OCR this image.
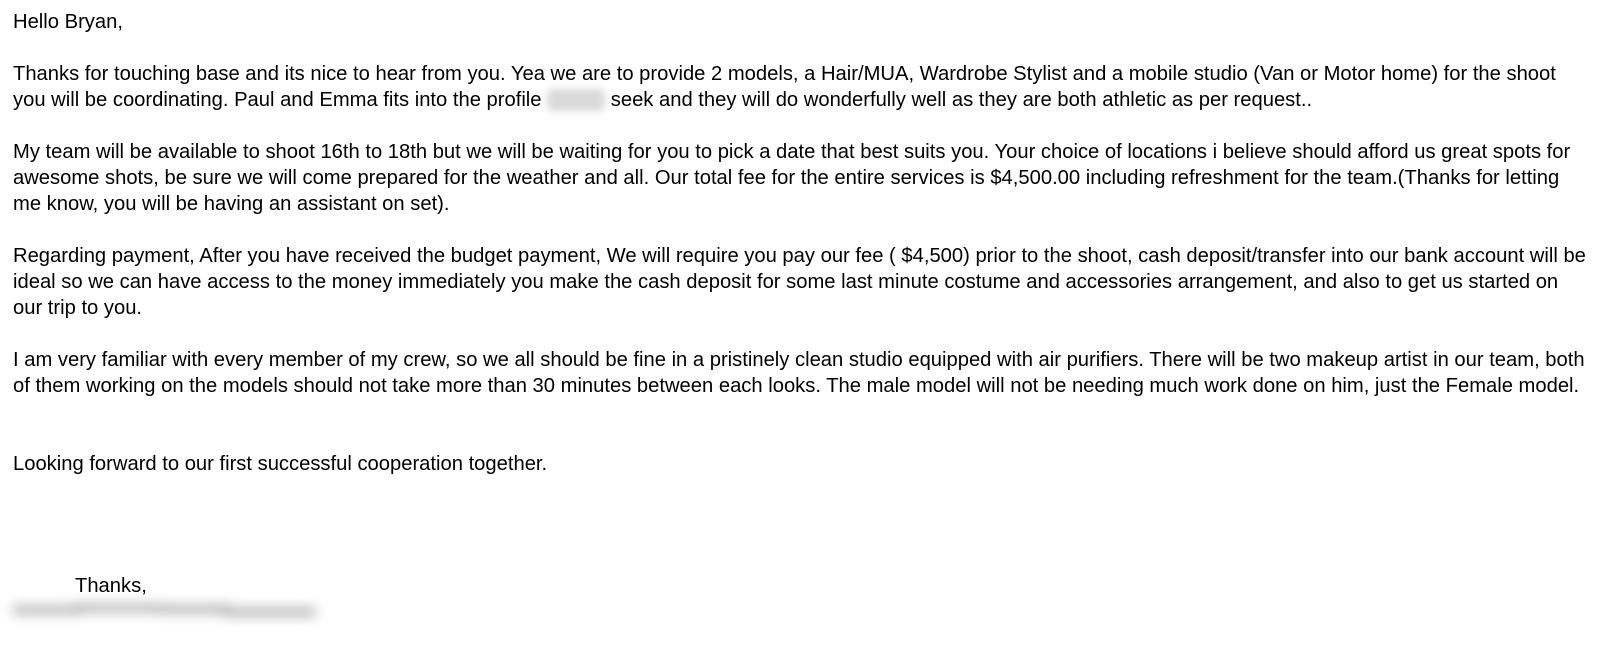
Hello Bryan,

Thanks for touching base and its nice to hear from you. Yea we are to provide 2 models, a Hair/MUA, Wardrobe Stylist and a mobile studio (Van or Motor home) for the shoot you will be coordinating. Paul and Emma fits into the profile	seek and they will do wonderfully well as they are both athletic as per request..

My team will be available to shoot 16th to 18th but we will be waiting for you to pick a date that best suits you. Your choice of locations i believe should afford us great spots for awesome shots, be sure we will come prepared for the weather and all. Our total fee for the entire services is $4,500.00 including refreshment for the team.(Thanks for letting me know, you will be having an assistant on set).

Regarding payment, After you have received the budget payment, We will require you pay our fee ( $4,500) prior to the shoot, cash deposit/transfer into our bank account will be ideal so we can have access to the money immediately you make the cash deposit for some last minute costume and accessories arrangement, and also to get us started on our trip to you.

I am very familiar with every member of my crew, so we all should be fine in a pristinely clean studio equipped with air purifiers. There will be two makeup artist in our team, both of them working on the models should not take more than 30 minutes between each looks. The male model will not be needing much work done on him, just the Female model.

Looking forward to our first successful cooperation together.

Thanks,
